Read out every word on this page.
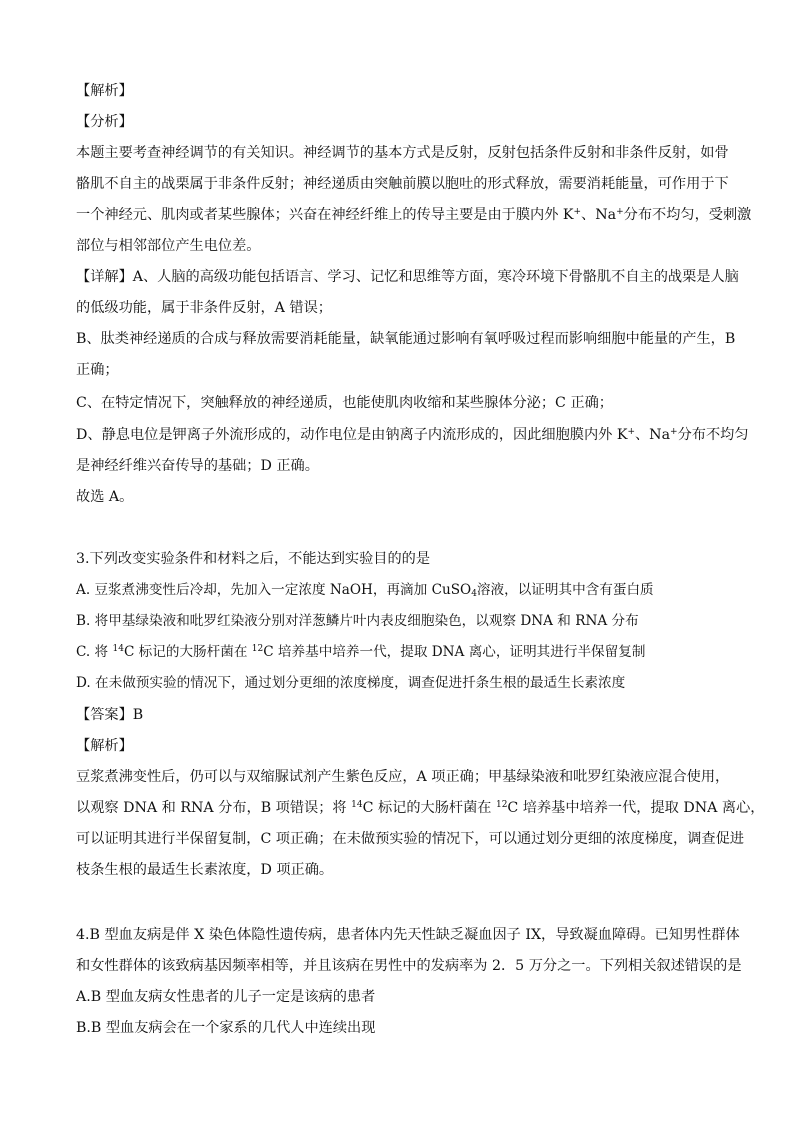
【解析】
【分析】
本题主要考查神经调节的有关知识。神经调节的基本方式是反射，反射包括条件反射和非条件反射，如骨
骼肌不自主的战栗属于非条件反射；神经递质由突触前膜以胞吐的形式释放，需要消耗能量，可作用于下
一个神经元、肌肉或者某些腺体；兴奋在神经纤维上的传导主要是由于膜内外 K+、Na+分布不均匀，受刺激
部位与相邻部位产生电位差。
【详解】A、人脑的高级功能包括语言、学习、记忆和思维等方面，寒冷环境下骨骼肌不自主的战栗是人脑
的低级功能，属于非条件反射，A 错误；
B、肽类神经递质的合成与释放需要消耗能量，缺氧能通过影响有氧呼吸过程而影响细胞中能量的产生，B
正确；
C、在特定情况下，突触释放的神经递质，也能使肌肉收缩和某些腺体分泌；C 正确；
D、静息电位是钾离子外流形成的，动作电位是由钠离子内流形成的，因此细胞膜内外 K+、Na+分布不均匀
是神经纤维兴奋传导的基础；D 正确。
故选 A。
3.下列改变实验条件和材料之后，不能达到实验目的的是
A. 豆浆煮沸变性后冷却，先加入一定浓度 NaOH，再滴加 CuSO$_4$溶液，以证明其中含有蛋白质
B. 将甲基绿染液和吡罗红染液分别对洋葱鳞片叶内表皮细胞染色，以观察 DNA 和 RNA 分布
C. 将 $^{14}$C 标记的大肠杆菌在 $^{12}$C 培养基中培养一代，提取 DNA 离心，证明其进行半保留复制
D. 在未做预实验的情况下，通过划分更细的浓度梯度，调查促进扦条生根的最适生长素浓度
【答案】B
【解析】
豆浆煮沸变性后，仍可以与双缩脲试剂产生紫色反应，A 项正确；甲基绿染液和吡罗红染液应混合使用，
以观察 DNA 和 RNA 分布，B 项错误；将 $^{14}$C 标记的大肠杆菌在 $^{12}$C 培养基中培养一代，提取 DNA 离心，
可以证明其进行半保留复制，C 项正确；在未做预实验的情况下，可以通过划分更细的浓度梯度，调查促进
枝条生根的最适生长素浓度，D 项正确。
4.B 型血友病是伴 X 染色体隐性遗传病，患者体内先天性缺乏凝血因子 IX，导致凝血障碍。已知男性群体
和女性群体的该致病基因频率相等，并且该病在男性中的发病率为 2．5 万分之一。下列相关叙述错误的是
A.B 型血友病女性患者的儿子一定是该病的患者
B.B 型血友病会在一个家系的几代人中连续出现
